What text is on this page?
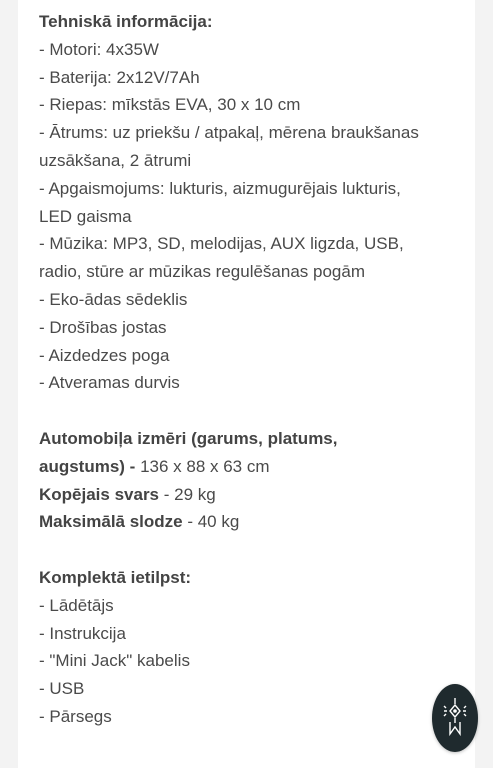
Tehniskā informācija:
- Motori: 4x35W
- Baterija: 2x12V/7Ah
- Riepas: mīkstās EVA, 30 x 10 cm
- Ātrums: uz priekšu / atpakaļ, mērena braukšanas
uzsākšana, 2 ātrumi
- Apgaismojums: lukturis, aizmugurējais lukturis,
LED gaisma
- Mūzika: MP3, SD, melodijas, AUX ligzda, USB,
radio, stūre ar mūzikas regulēšanas pogām
- Eko-ādas sēdeklis
- Drošības jostas
- Aizdedzes poga
- Atveramas durvis
Automobiļa izmēri (garums, platums,
augstums) - 136 x 88 x 63 cm
Kopējais svars - 29 kg
Maksimālā slodze - 40 kg
Komplektā ietilpst:
- Lādētājs
- Instrukcija
- "Mini Jack" kabelis
- USB
- Pārsegs
